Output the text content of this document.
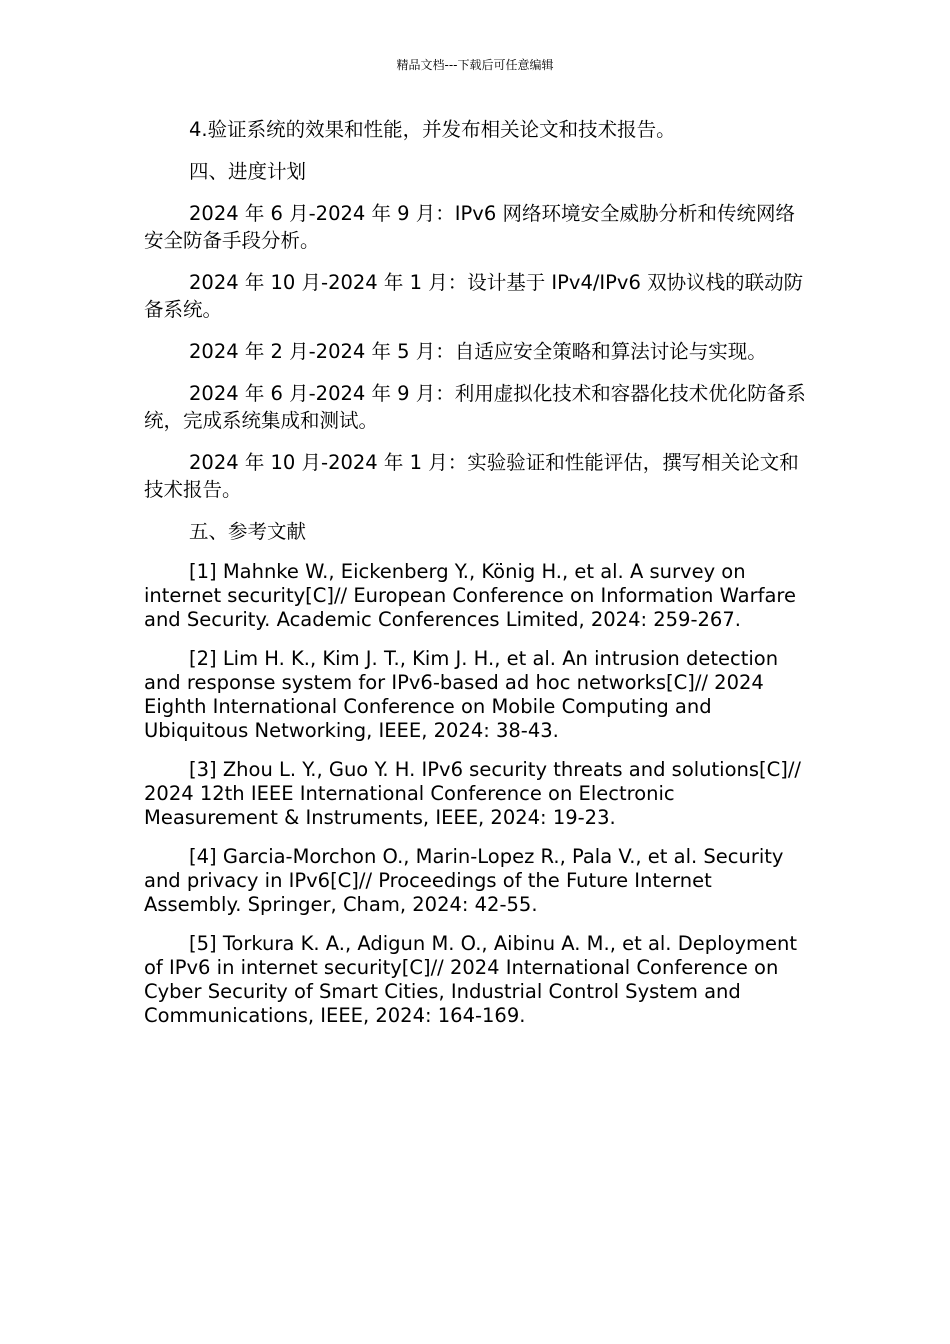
精品文档---下载后可任意编辑

4.验证系统的效果和性能，并发布相关论文和技术报告。

四、进度计划

2024 年 6 月-2024 年 9 月：IPv6 网络环境安全威胁分析和传统网络安全防备手段分析。

2024 年 10 月-2024 年 1 月：设计基于 IPv4/IPv6 双协议栈的联动防备系统。

2024 年 2 月-2024 年 5 月：自适应安全策略和算法讨论与实现。

2024 年 6 月-2024 年 9 月：利用虚拟化技术和容器化技术优化防备系统，完成系统集成和测试。

2024 年 10 月-2024 年 1 月：实验验证和性能评估，撰写相关论文和技术报告。

五、参考文献

[1] Mahnke W., Eickenberg Y., König H., et al. A survey on internet security[C]// European Conference on Information Warfare and Security. Academic Conferences Limited, 2024: 259-267.

[2] Lim H. K., Kim J. T., Kim J. H., et al. An intrusion detection and response system for IPv6-based ad hoc networks[C]// 2024 Eighth International Conference on Mobile Computing and Ubiquitous Networking, IEEE, 2024: 38-43.

[3] Zhou L. Y., Guo Y. H. IPv6 security threats and solutions[C]// 2024 12th IEEE International Conference on Electronic Measurement & Instruments, IEEE, 2024: 19-23.

[4] Garcia-Morchon O., Marin-Lopez R., Pala V., et al. Security and privacy in IPv6[C]// Proceedings of the Future Internet Assembly. Springer, Cham, 2024: 42-55.

[5] Torkura K. A., Adigun M. O., Aibinu A. M., et al. Deployment of IPv6 in internet security[C]// 2024 International Conference on Cyber Security of Smart Cities, Industrial Control System and Communications, IEEE, 2024: 164-169.
